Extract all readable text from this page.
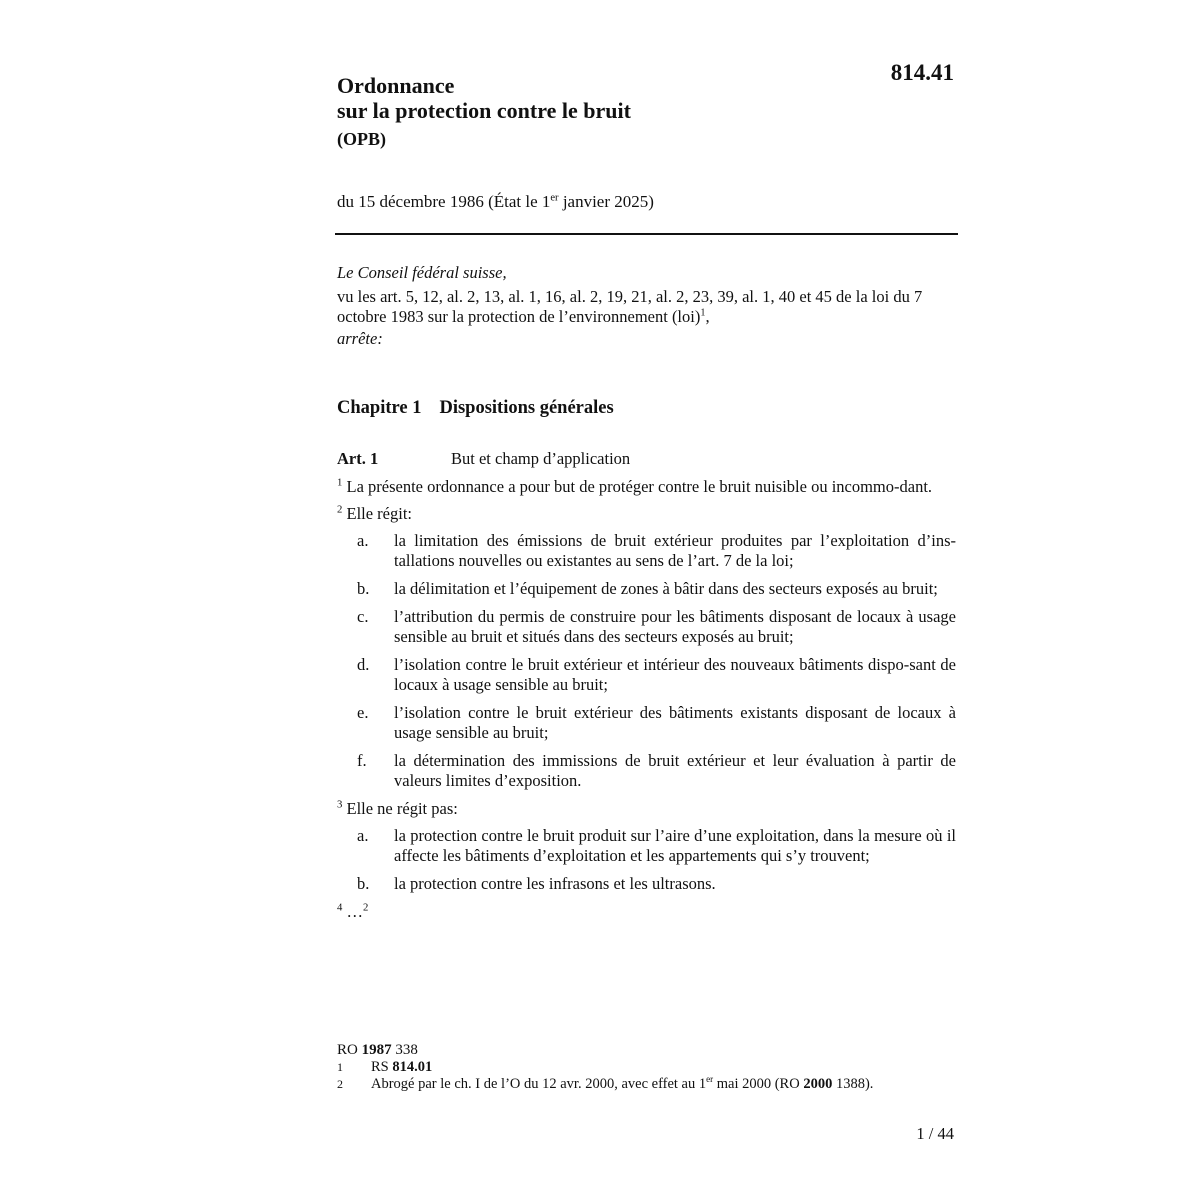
814.41
Ordonnance
sur la protection contre le bruit
(OPB)
du 15 décembre 1986 (État le 1er janvier 2025)

Le Conseil fédéral suisse,

vu les art. 5, 12, al. 2, 13, al. 1, 16, al. 2, 19, 21, al. 2, 23, 39, al. 1, 40 et 45 de la loi du 7 octobre 1983 sur la protection de l’environnement (loi)$^1$,

arrête:

Chapitre 1 Dispositions générales
Art. 1	But et champ d’application

$^1$ La présente ordonnance a pour but de protéger contre le bruit nuisible ou incommo-dant.

$^2$ Elle régit:

a.	la limitation des émissions de bruit extérieur produites par l’exploitation d’ins-tallations nouvelles ou existantes au sens de l’art. 7 de la loi;
b.	la délimitation et l’équipement de zones à bâtir dans des secteurs exposés au bruit;
c.	l’attribution du permis de construire pour les bâtiments disposant de locaux à usage sensible au bruit et situés dans des secteurs exposés au bruit;
d.	l’isolation contre le bruit extérieur et intérieur des nouveaux bâtiments dispo-sant de locaux à usage sensible au bruit;
e.	l’isolation contre le bruit extérieur des bâtiments existants disposant de locaux à usage sensible au bruit;
f.	la détermination des immissions de bruit extérieur et leur évaluation à partir de valeurs limites d’exposition.

$^3$ Elle ne régit pas:

a.	la protection contre le bruit produit sur l’aire d’une exploitation, dans la mesure où il affecte les bâtiments d’exploitation et les appartements qui s’y trouvent;
b.	la protection contre les infrasons et les ultrasons.

$^4$ …$^2$

RO 1987 338
1	RS 814.01
2	Abrogé par le ch. I de l’O du 12 avr. 2000, avec effet au 1er mai 2000 (RO 2000 1388).
1 / 44
